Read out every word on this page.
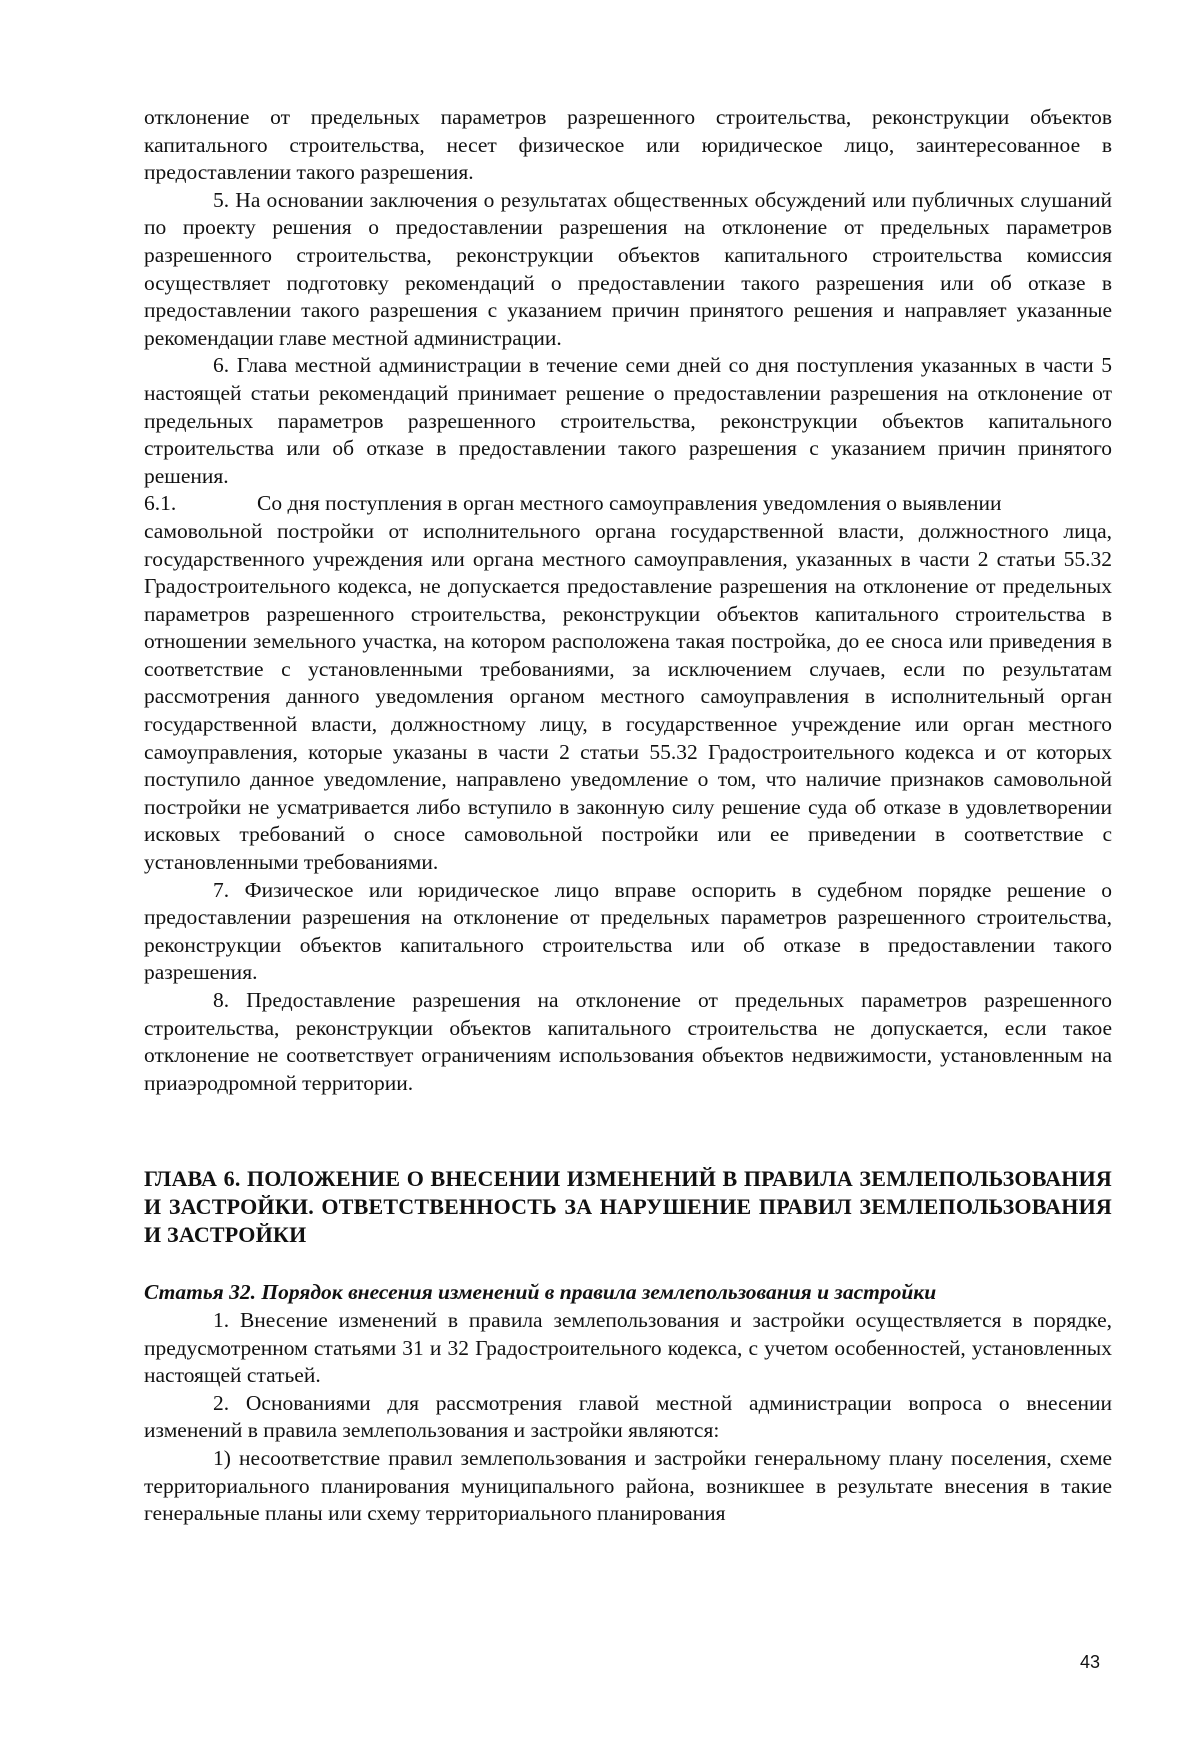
отклонение от предельных параметров разрешенного строительства, реконструкции объектов капитального строительства, несет физическое или юридическое лицо, заинтересованное в предоставлении такого разрешения.

5. На основании заключения о результатах общественных обсуждений или публичных слушаний по проекту решения о предоставлении разрешения на отклонение от предельных параметров разрешенного строительства, реконструкции объектов капитального строительства комиссия осуществляет подготовку рекомендаций о предоставлении такого разрешения или об отказе в предоставлении такого разрешения с указанием причин принятого решения и направляет указанные рекомендации главе местной администрации.

6. Глава местной администрации в течение семи дней со дня поступления указанных в части 5 настоящей статьи рекомендаций принимает решение о предоставлении разрешения на отклонение от предельных параметров разрешенного строительства, реконструкции объектов капитального строительства или об отказе в предоставлении такого разрешения с указанием причин принятого решения.

6.1.	Со дня поступления в орган местного самоуправления уведомления о выявлении

самовольной постройки от исполнительного органа государственной власти, должностного лица, государственного учреждения или органа местного самоуправления, указанных в части 2 статьи 55.32 Градостроительного кодекса, не допускается предоставление разрешения на отклонение от предельных параметров разрешенного строительства, реконструкции объектов капитального строительства в отношении земельного участка, на котором расположена такая постройка, до ее сноса или приведения в соответствие с установленными требованиями, за исключением случаев, если по результатам рассмотрения данного уведомления органом местного самоуправления в исполнительный орган государственной власти, должностному лицу, в государственное учреждение или орган местного самоуправления, которые указаны в части 2 статьи 55.32 Градостроительного кодекса и от которых поступило данное уведомление, направлено уведомление о том, что наличие признаков самовольной постройки не усматривается либо вступило в законную силу решение суда об отказе в удовлетворении исковых требований о сносе самовольной постройки или ее приведении в соответствие с установленными требованиями.

7. Физическое или юридическое лицо вправе оспорить в судебном порядке решение о предоставлении разрешения на отклонение от предельных параметров разрешенного строительства, реконструкции объектов капитального строительства или об отказе в предоставлении такого разрешения.

8. Предоставление разрешения на отклонение от предельных параметров разрешенного строительства, реконструкции объектов капитального строительства не допускается, если такое отклонение не соответствует ограничениям использования объектов недвижимости, установленным на приаэродромной территории.

ГЛАВА 6. ПОЛОЖЕНИЕ О ВНЕСЕНИИ ИЗМЕНЕНИЙ В ПРАВИЛА ЗЕМЛЕПОЛЬЗОВАНИЯ И ЗАСТРОЙКИ. ОТВЕТСТВЕННОСТЬ ЗА НАРУШЕНИЕ ПРАВИЛ ЗЕМЛЕПОЛЬЗОВАНИЯ И ЗАСТРОЙКИ
Статья 32. Порядок внесения изменений в правила землепользования и застройки

1. Внесение изменений в правила землепользования и застройки осуществляется в порядке, предусмотренном статьями 31 и 32 Градостроительного кодекса, с учетом особенностей, установленных настоящей статьей.

2. Основаниями для рассмотрения главой местной администрации вопроса о внесении изменений в правила землепользования и застройки являются:

1) несоответствие правил землепользования и застройки генеральному плану поселения, схеме территориального планирования муниципального района, возникшее в результате внесения в такие генеральные планы или схему территориального планирования

43
